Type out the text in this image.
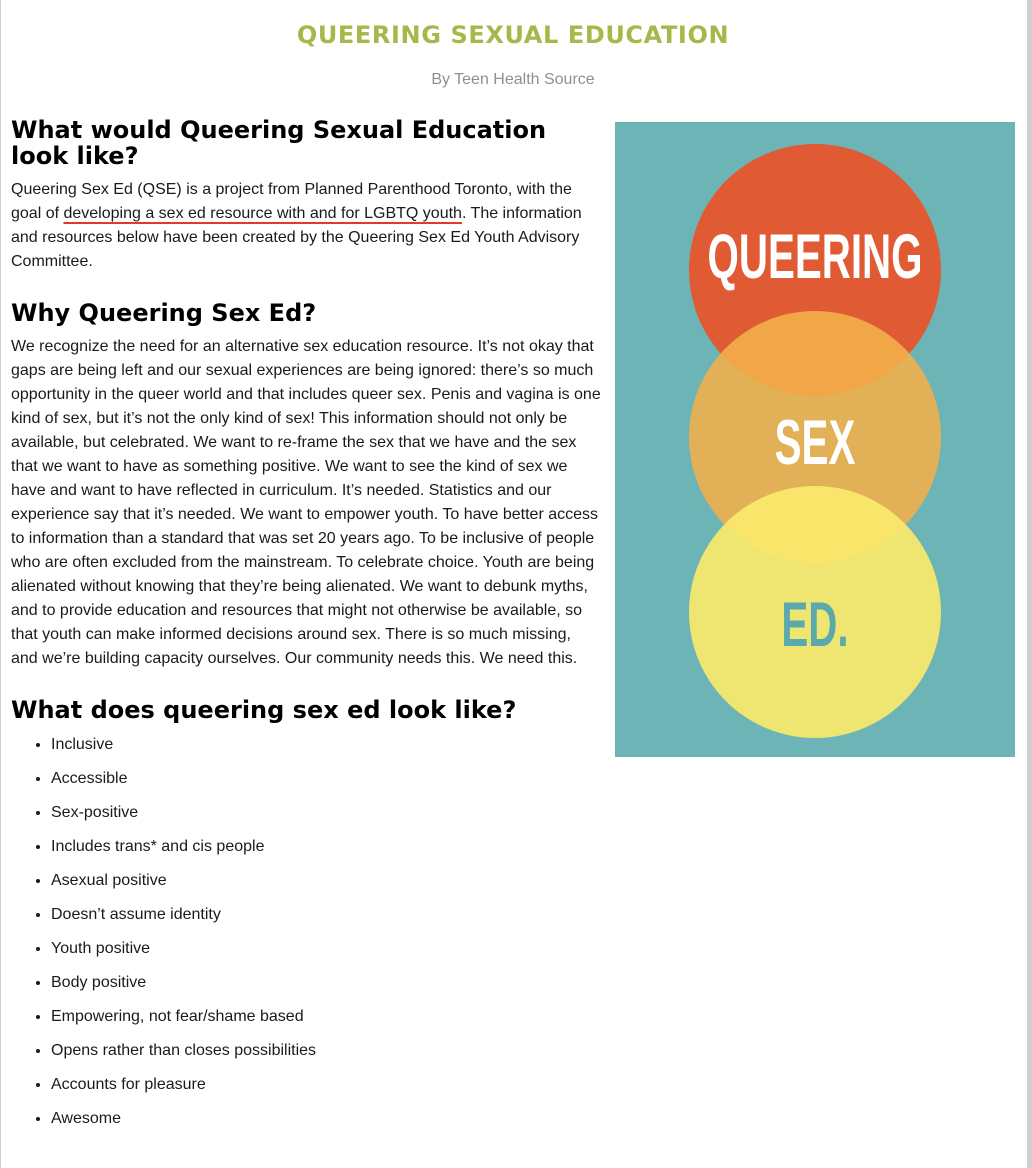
QUEERING SEXUAL EDUCATION

By Teen Health Source

What would Queering Sexual Education look like?

Queering Sex Ed (QSE) is a project from Planned Parenthood Toronto, with the goal of developing a sex ed resource with and for LGBTQ youth. The information and resources below have been created by the Queering Sex Ed Youth Advisory Committee.

Why Queering Sex Ed?

We recognize the need for an alternative sex education resource. It’s not okay that gaps are being left and our sexual experiences are being ignored: there’s so much opportunity in the queer world and that includes queer sex. Penis and vagina is one kind of sex, but it’s not the only kind of sex! This information should not only be available, but celebrated. We want to re-frame the sex that we have and the sex that we want to have as something positive. We want to see the kind of sex we have and want to have reflected in curriculum. It’s needed. Statistics and our experience say that it’s needed. We want to empower youth. To have better access to information than a standard that was set 20 years ago. To be inclusive of people who are often excluded from the mainstream. To celebrate choice. Youth are being alienated without knowing that they’re being alienated. We want to debunk myths, and to provide education and resources that might not otherwise be available, so that youth can make informed decisions around sex. There is so much missing, and we’re building capacity ourselves. Our community needs this. We need this.

What does queering sex ed look like?
• Inclusive
• Accessible
• Sex-positive
• Includes trans* and cis people
• Asexual positive
• Doesn’t assume identity
• Youth positive
• Body positive
• Empowering, not fear/shame based
• Opens rather than closes possibilities
• Accounts for pleasure
• Awesome
QUEERING
SEX
ED.
